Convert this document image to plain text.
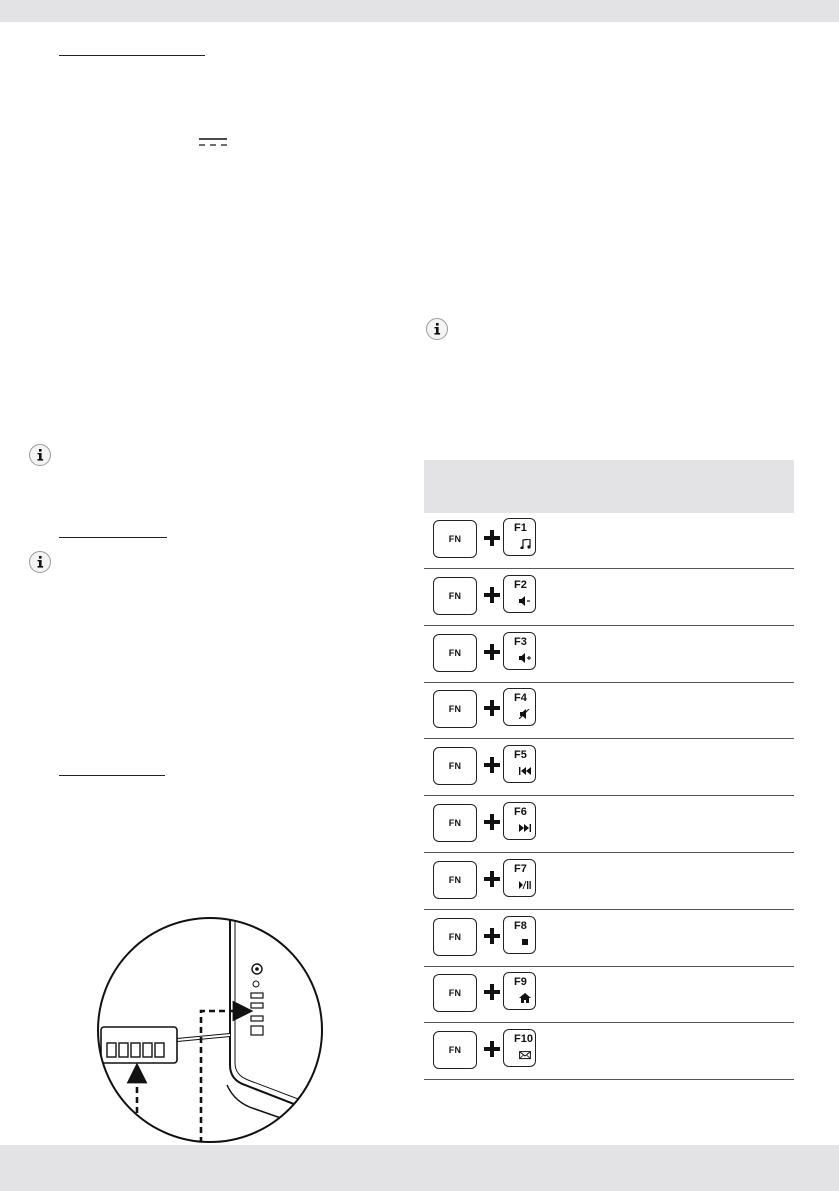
FN
F1
FN
F2
FN
F3
FN
F4
FN
F5
FN
F6
FN
F7
FN
F8
FN
F9
FN
F10
